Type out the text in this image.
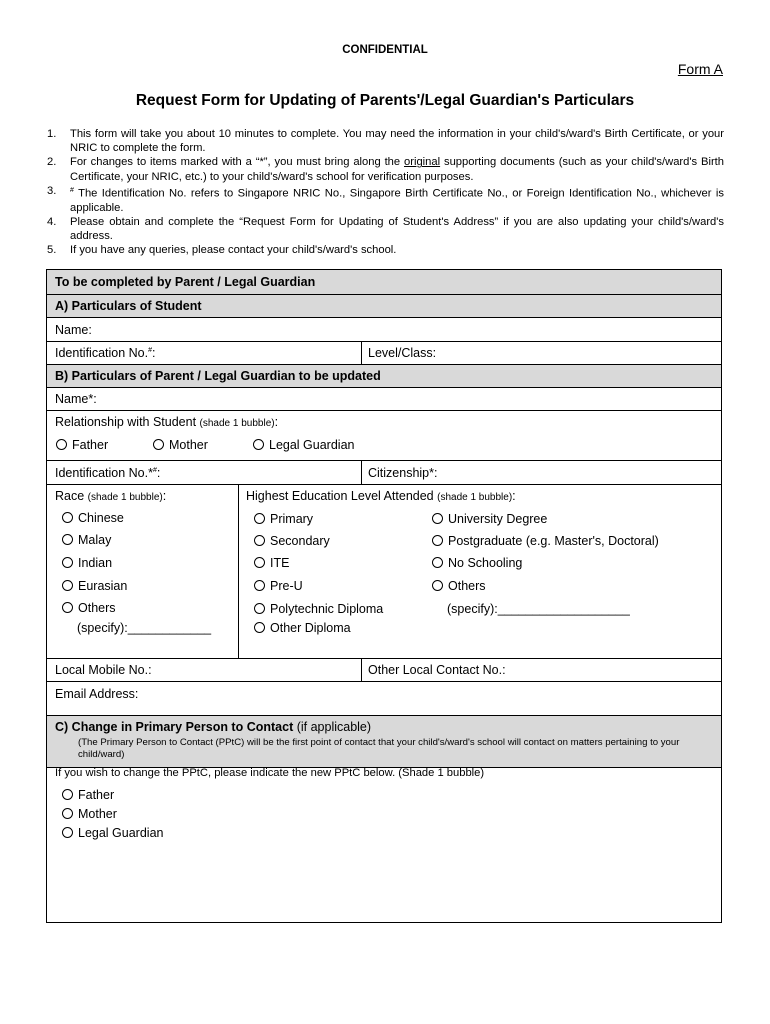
CONFIDENTIAL
Form A
Request Form for Updating of Parents'/Legal Guardian's Particulars
1. This form will take you about 10 minutes to complete. You may need the information in your child's/ward's Birth Certificate, or your NRIC to complete the form.
2. For changes to items marked with a “*”, you must bring along the original supporting documents (such as your child's/ward's Birth Certificate, your NRIC, etc.) to your child's/ward's school for verification purposes.
3. # The Identification No. refers to Singapore NRIC No., Singapore Birth Certificate No., or Foreign Identification No., whichever is applicable.
4. Please obtain and complete the “Request Form for Updating of Student's Address” if you are also updating your child's/ward's address.
5. If you have any queries, please contact your child's/ward's school.
To be completed by Parent / Legal Guardian
A) Particulars of Student
Name:
Identification No.#:	Level/Class:
B) Particulars of Parent / Legal Guardian to be updated
Name*:
Relationship with Student (shade 1 bubble):
Father	Mother	Legal Guardian
Identification No.*#:	Citizenship*:
Race (shade 1 bubble):
Chinese
Malay
Indian
Eurasian
Others
(specify):____________
Highest Education Level Attended (shade 1 bubble):
Primary
Secondary
ITE
Pre-U
Polytechnic Diploma
Other Diploma
University Degree
Postgraduate (e.g. Master's, Doctoral)
No Schooling
Others
(specify):___________________
Local Mobile No.:	Other Local Contact No.:
Email Address:
C) Change in Primary Person to Contact (if applicable)
(The Primary Person to Contact (PPtC) will be the first point of contact that your child's/ward's school will contact on matters pertaining to your child/ward)
If you wish to change the PPtC, please indicate the new PPtC below. (Shade 1 bubble)
Father
Mother
Legal Guardian
